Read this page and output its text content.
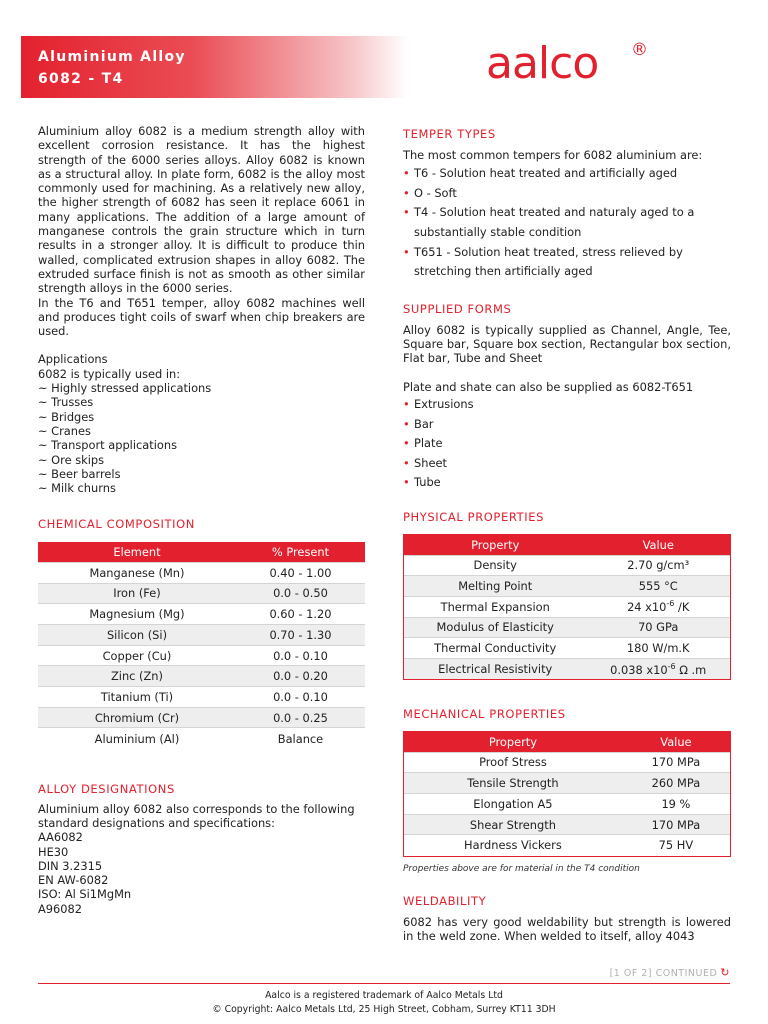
Aluminium Alloy
6082 - T4	aalco ®

Aluminium alloy 6082 is a medium strength alloy with excellent corrosion resistance. It has the highest strength of the 6000 series alloys. Alloy 6082 is known as a structural alloy. In plate form, 6082 is the alloy most commonly used for machining. As a relatively new alloy, the higher strength of 6082 has seen it replace 6061 in many applications. The addition of a large amount of manganese controls the grain structure which in turn results in a stronger alloy. It is difficult to produce thin walled, complicated extrusion shapes in alloy 6082. The extruded surface finish is not as smooth as other similar strength alloys in the 6000 series.

In the T6 and T651 temper, alloy 6082 machines well and produces tight coils of swarf when chip breakers are used.

Applications

6082 is typically used in:

~ Highly stressed applications

~ Trusses

~ Bridges

~ Cranes

~ Transport applications

~ Ore skips

~ Beer barrels

~ Milk churns

CHEMICAL COMPOSITION
Element	% Present
Manganese (Mn)	0.40 - 1.00
Iron (Fe)	0.0 - 0.50
Magnesium (Mg)	0.60 - 1.20
Silicon (Si)	0.70 - 1.30
Copper (Cu)	0.0 - 0.10
Zinc (Zn)	0.0 - 0.20
Titanium (Ti)	0.0 - 0.10
Chromium (Cr)	0.0 - 0.25
Aluminium (Al)	Balance
ALLOY DESIGNATIONS

Aluminium alloy 6082 also corresponds to the following standard designations and specifications:

AA6082

HE30

DIN 3.2315

EN AW-6082

ISO: Al Si1MgMn

A96082

TEMPER TYPES

The most common tempers for 6082 aluminium are:

• T6 - Solution heat treated and artificially aged
• O - Soft
• T4 - Solution heat treated and naturaly aged to a substantially stable condition
• T651 - Solution heat treated, stress relieved by stretching then artificially aged
SUPPLIED FORMS

Alloy 6082 is typically supplied as Channel, Angle, Tee, Square bar, Square box section, Rectangular box section, Flat bar, Tube and Sheet

Plate and shate can also be supplied as 6082-T651

• Extrusions
• Bar
• Plate
• Sheet
• Tube
PHYSICAL PROPERTIES
Property	Value
Density	2.70 g/cm³
Melting Point	555 °C
Thermal Expansion	24 $x10^{-6}$ /K
Modulus of Elasticity	70 GPa
Thermal Conductivity	180 W/m.K
Electrical Resistivity	0.038 $x10^{-6}$ Ω .m
MECHANICAL PROPERTIES
Property	Value
Proof Stress	170 MPa
Tensile Strength	260 MPa
Elongation A5	19 %
Shear Strength	170 MPa
Hardness Vickers	75 HV

Properties above are for material in the T4 condition

WELDABILITY

6082 has very good weldability but strength is lowered in the weld zone. When welded to itself, alloy 4043

[1 OF 2] CONTINUED ↻
Aalco is a registered trademark of Aalco Metals Ltd
© Copyright: Aalco Metals Ltd, 25 High Street, Cobham, Surrey KT11 3DH
